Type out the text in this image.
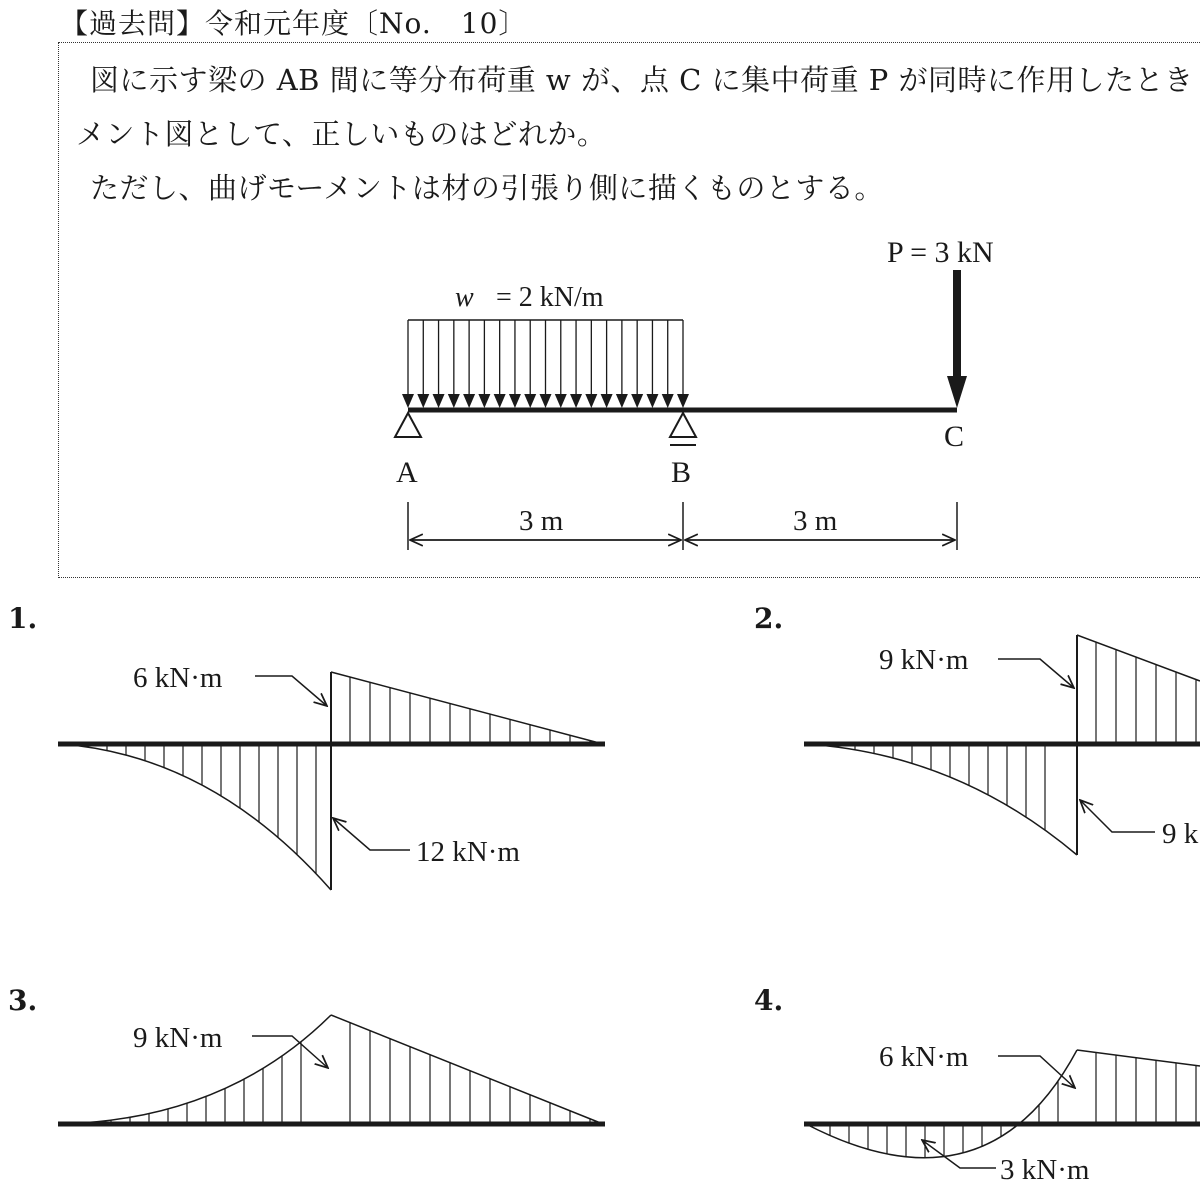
【過去問】令和元年度〔No.　10〕
図に示す梁の AB 間に等分布荷重 w が、点 C に集中荷重 P が同時に作用したとき
メント図として、正しいものはどれか。
ただし、曲げモーメントは材の引張り側に描くものとする。
w = 2 kN/m
P = 3 kN
A	B
C
3 m	3 m
6 kN·m
12 kN·m
9 kN·m
9 k
9 kN·m
6 kN·m
3 kN·m
1.	2.
3.	4.
